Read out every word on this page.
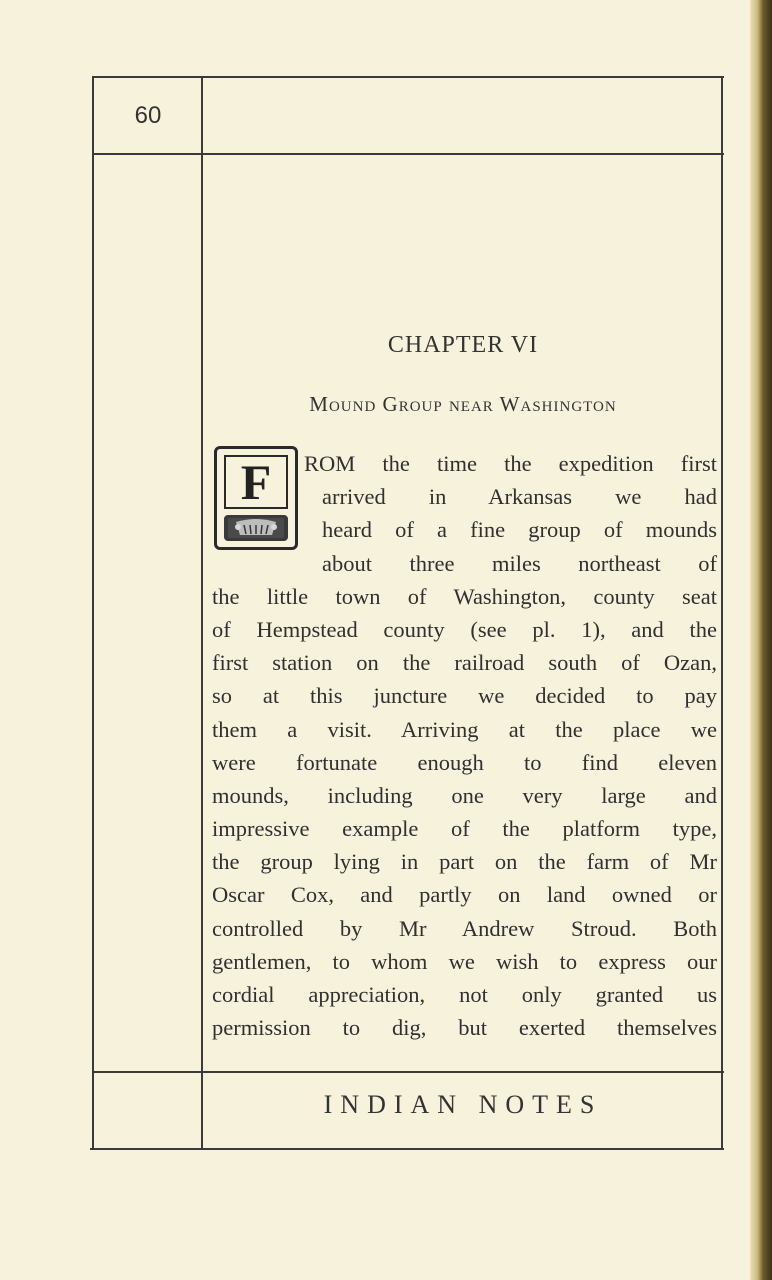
60
CHAPTER VI
Mound Group near Washington
F	ROM the time the expedition first
arrived in Arkansas we had
heard of a fine group of mounds
about three miles northeast of
the little town of Washington, county seat
of Hempstead county (see pl. 1), and the
first station on the railroad south of Ozan,
so at this juncture we decided to pay
them a visit. Arriving at the place we
were fortunate enough to find eleven
mounds, including one very large and
impressive example of the platform type,
the group lying in part on the farm of Mr
Oscar Cox, and partly on land owned or
controlled by Mr Andrew Stroud. Both
gentlemen, to whom we wish to express our
cordial appreciation, not only granted us
permission to dig, but exerted themselves
INDIAN NOTES
